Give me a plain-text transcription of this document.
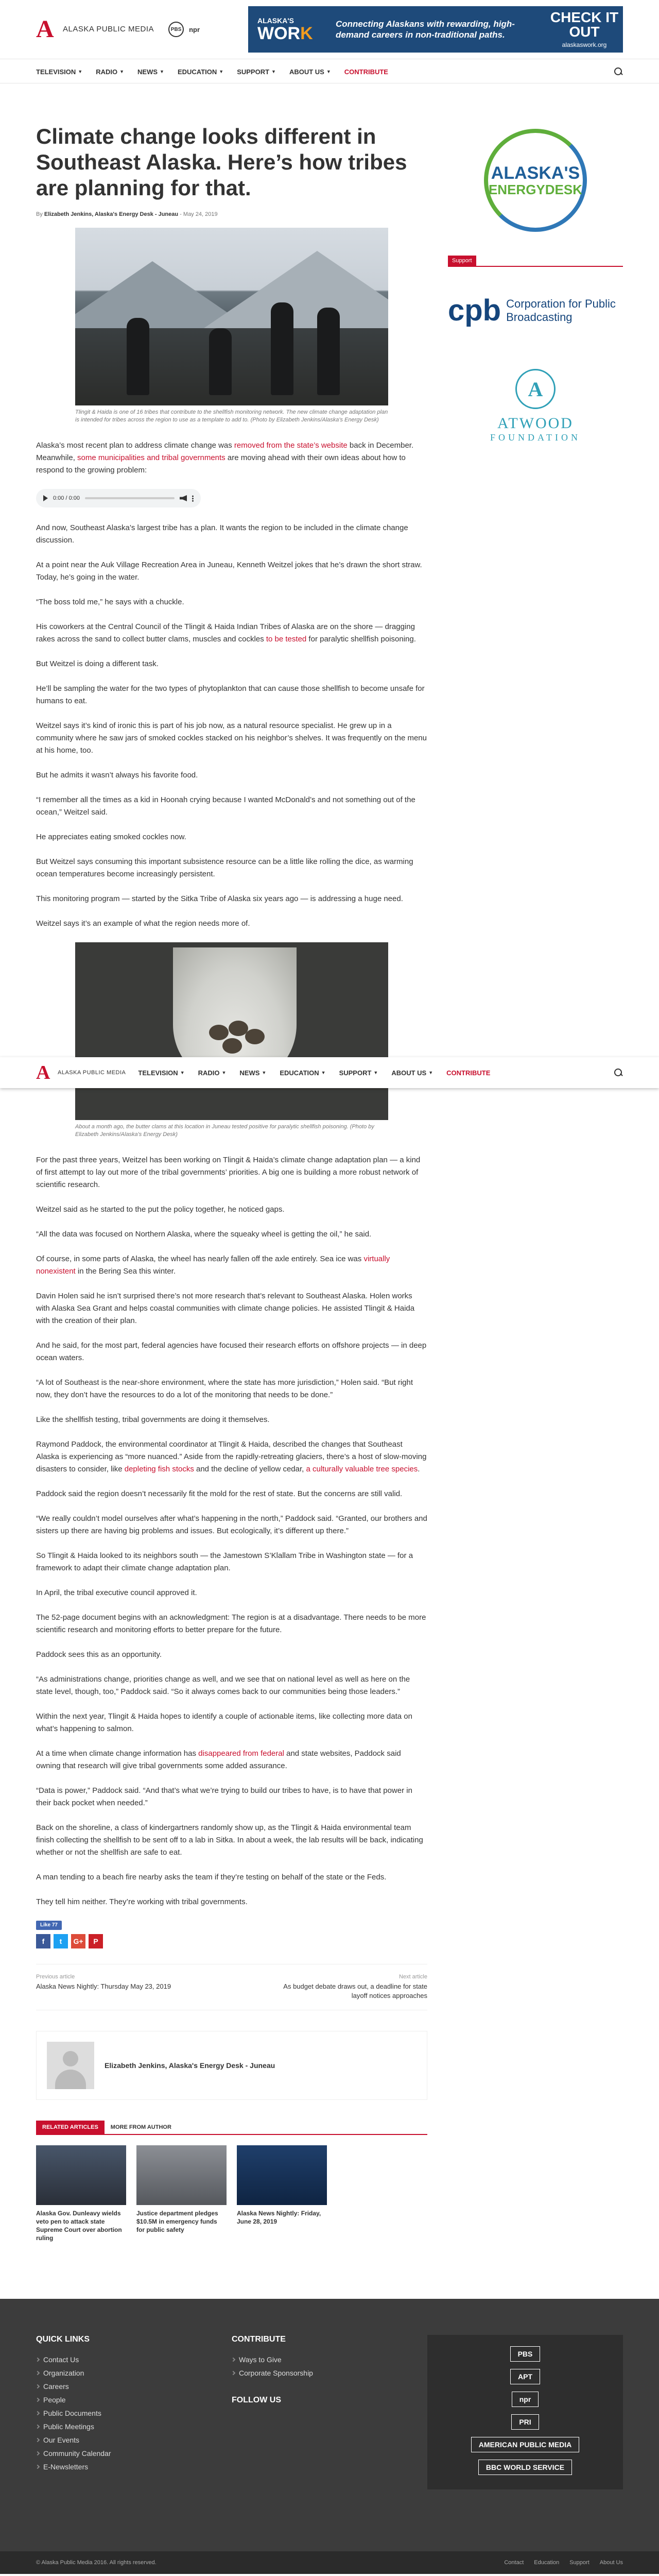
A ALASKA PUBLIC MEDIA	PBS	npr
ALASKA'S
WORK	Connecting Alaskans with rewarding, high-demand careers in non-traditional paths.
CHECK IT OUT
alaskaswork.org
TELEVISION ▼ RADIO ▼ NEWS ▼ EDUCATION ▼ SUPPORT ▼ ABOUT US ▼ CONTRIBUTE
A ALASKA PUBLIC MEDIA TELEVISION ▼ RADIO ▼ NEWS ▼ EDUCATION ▼ SUPPORT ▼ ABOUT US ▼ CONTRIBUTE
Climate change looks different in Southeast Alaska. Here’s how tribes are planning for that.
By Elizabeth Jenkins, Alaska's Energy Desk - Juneau - May 24, 2019
Tlingit & Haida is one of 16 tribes that contribute to the shellfish monitoring network. The new climate change adaptation plan is intended for tribes across the region to use as a template to add to. (Photo by Elizabeth Jenkins/Alaska's Energy Desk)

Alaska’s most recent plan to address climate change was removed from the state’s website back in December. Meanwhile, some municipalities and tribal governments are moving ahead with their own ideas about how to respond to the growing problem:

0:00 / 0:00

And now, Southeast Alaska’s largest tribe has a plan. It wants the region to be included in the climate change discussion.

At a point near the Auk Village Recreation Area in Juneau, Kenneth Weitzel jokes that he’s drawn the short straw. Today, he’s going in the water.

“The boss told me,” he says with a chuckle.

His coworkers at the Central Council of the Tlingit & Haida Indian Tribes of Alaska are on the shore — dragging rakes across the sand to collect butter clams, muscles and cockles to be tested for paralytic shellfish poisoning.

But Weitzel is doing a different task.

He’ll be sampling the water for the two types of phytoplankton that can cause those shellfish to become unsafe for humans to eat.

Weitzel says it’s kind of ironic this is part of his job now, as a natural resource specialist. He grew up in a community where he saw jars of smoked cockles stacked on his neighbor’s shelves. It was frequently on the menu at his home, too.

But he admits it wasn’t always his favorite food.

“I remember all the times as a kid in Hoonah crying because I wanted McDonald’s and not something out of the ocean,” Weitzel said.

He appreciates eating smoked cockles now.

But Weitzel says consuming this important subsistence resource can be a little like rolling the dice, as warming ocean temperatures become increasingly persistent.

This monitoring program — started by the Sitka Tribe of Alaska six years ago — is addressing a huge need.

Weitzel says it’s an example of what the region needs more of.

About a month ago, the butter clams at this location in Juneau tested positive for paralytic shellfish poisoning. (Photo by Elizabeth Jenkins/Alaska's Energy Desk)

For the past three years, Weitzel has been working on Tlingit & Haida’s climate change adaptation plan — a kind of first attempt to lay out more of the tribal governments’ priorities. A big one is building a more robust network of scientific research.

Weitzel said as he started to the put the policy together, he noticed gaps.

“All the data was focused on Northern Alaska, where the squeaky wheel is getting the oil,” he said.

Of course, in some parts of Alaska, the wheel has nearly fallen off the axle entirely. Sea ice was virtually nonexistent in the Bering Sea this winter.

Davin Holen said he isn’t surprised there’s not more research that’s relevant to Southeast Alaska. Holen works with Alaska Sea Grant and helps coastal communities with climate change policies. He assisted Tlingit & Haida with the creation of their plan.

And he said, for the most part, federal agencies have focused their research efforts on offshore projects — in deep ocean waters.

“A lot of Southeast is the near-shore environment, where the state has more jurisdiction,” Holen said. “But right now, they don’t have the resources to do a lot of the monitoring that needs to be done.”

Like the shellfish testing, tribal governments are doing it themselves.

Raymond Paddock, the environmental coordinator at Tlingit & Haida, described the changes that Southeast Alaska is experiencing as “more nuanced.” Aside from the rapidly-retreating glaciers, there’s a host of slow-moving disasters to consider, like depleting fish stocks and the decline of yellow cedar, a culturally valuable tree species.

Paddock said the region doesn’t necessarily fit the mold for the rest of state. But the concerns are still valid.

“We really couldn’t model ourselves after what’s happening in the north,” Paddock said. “Granted, our brothers and sisters up there are having big problems and issues. But ecologically, it’s different up there.”

So Tlingit & Haida looked to its neighbors south — the Jamestown S’Klallam Tribe in Washington state — for a framework to adapt their climate change adaptation plan.

In April, the tribal executive council approved it.

The 52-page document begins with an acknowledgment: The region is at a disadvantage. There needs to be more scientific research and monitoring efforts to better prepare for the future.

Paddock sees this as an opportunity.

“As administrations change, priorities change as well, and we see that on national level as well as here on the state level, though, too,” Paddock said. “So it always comes back to our communities being those leaders.”

Within the next year, Tlingit & Haida hopes to identify a couple of actionable items, like collecting more data on what’s happening to salmon.

At a time when climate change information has disappeared from federal and state websites, Paddock said owning that research will give tribal governments some added assurance.

“Data is power,” Paddock said. “And that’s what we’re trying to build our tribes to have, is to have that power in their back pocket when needed.”

Back on the shoreline, a class of kindergartners randomly show up, as the Tlingit & Haida environmental team finish collecting the shellfish to be sent off to a lab in Sitka. In about a week, the lab results will be back, indicating whether or not the shellfish are safe to eat.

A man tending to a beach fire nearby asks the team if they’re testing on behalf of the state or the Feds.

They tell him neither. They’re working with tribal governments.

Like 77
f	t	G+	P
Previous article
Alaska News Nightly: Thursday May 23, 2019
Next article
As budget debate draws out, a deadline for state layoff notices approaches
Elizabeth Jenkins, Alaska's Energy Desk - Juneau
RELATED ARTICLES	MORE FROM AUTHOR
Alaska Gov. Dunleavy wields veto pen to attack state Supreme Court over abortion ruling
Justice department pledges $10.5M in emergency funds for public safety
Alaska News Nightly: Friday, June 28, 2019
ALASKA'S
ENERGYDESK
Support
cpb Corporation for Public Broadcasting
A
ATWOOD
FOUNDATION
QUICK LINKS
Contact Us
Organization
Careers
People
Public Documents
Public Meetings
Our Events
Community Calendar
E-Newsletters
CONTRIBUTE
Ways to Give
Corporate Sponsorship
FOLLOW US
PBS
APT
npr
PRI
AMERICAN PUBLIC MEDIA
BBC WORLD SERVICE
© Alaska Public Media 2016. All rights reserved.	Contact Education Support About Us
